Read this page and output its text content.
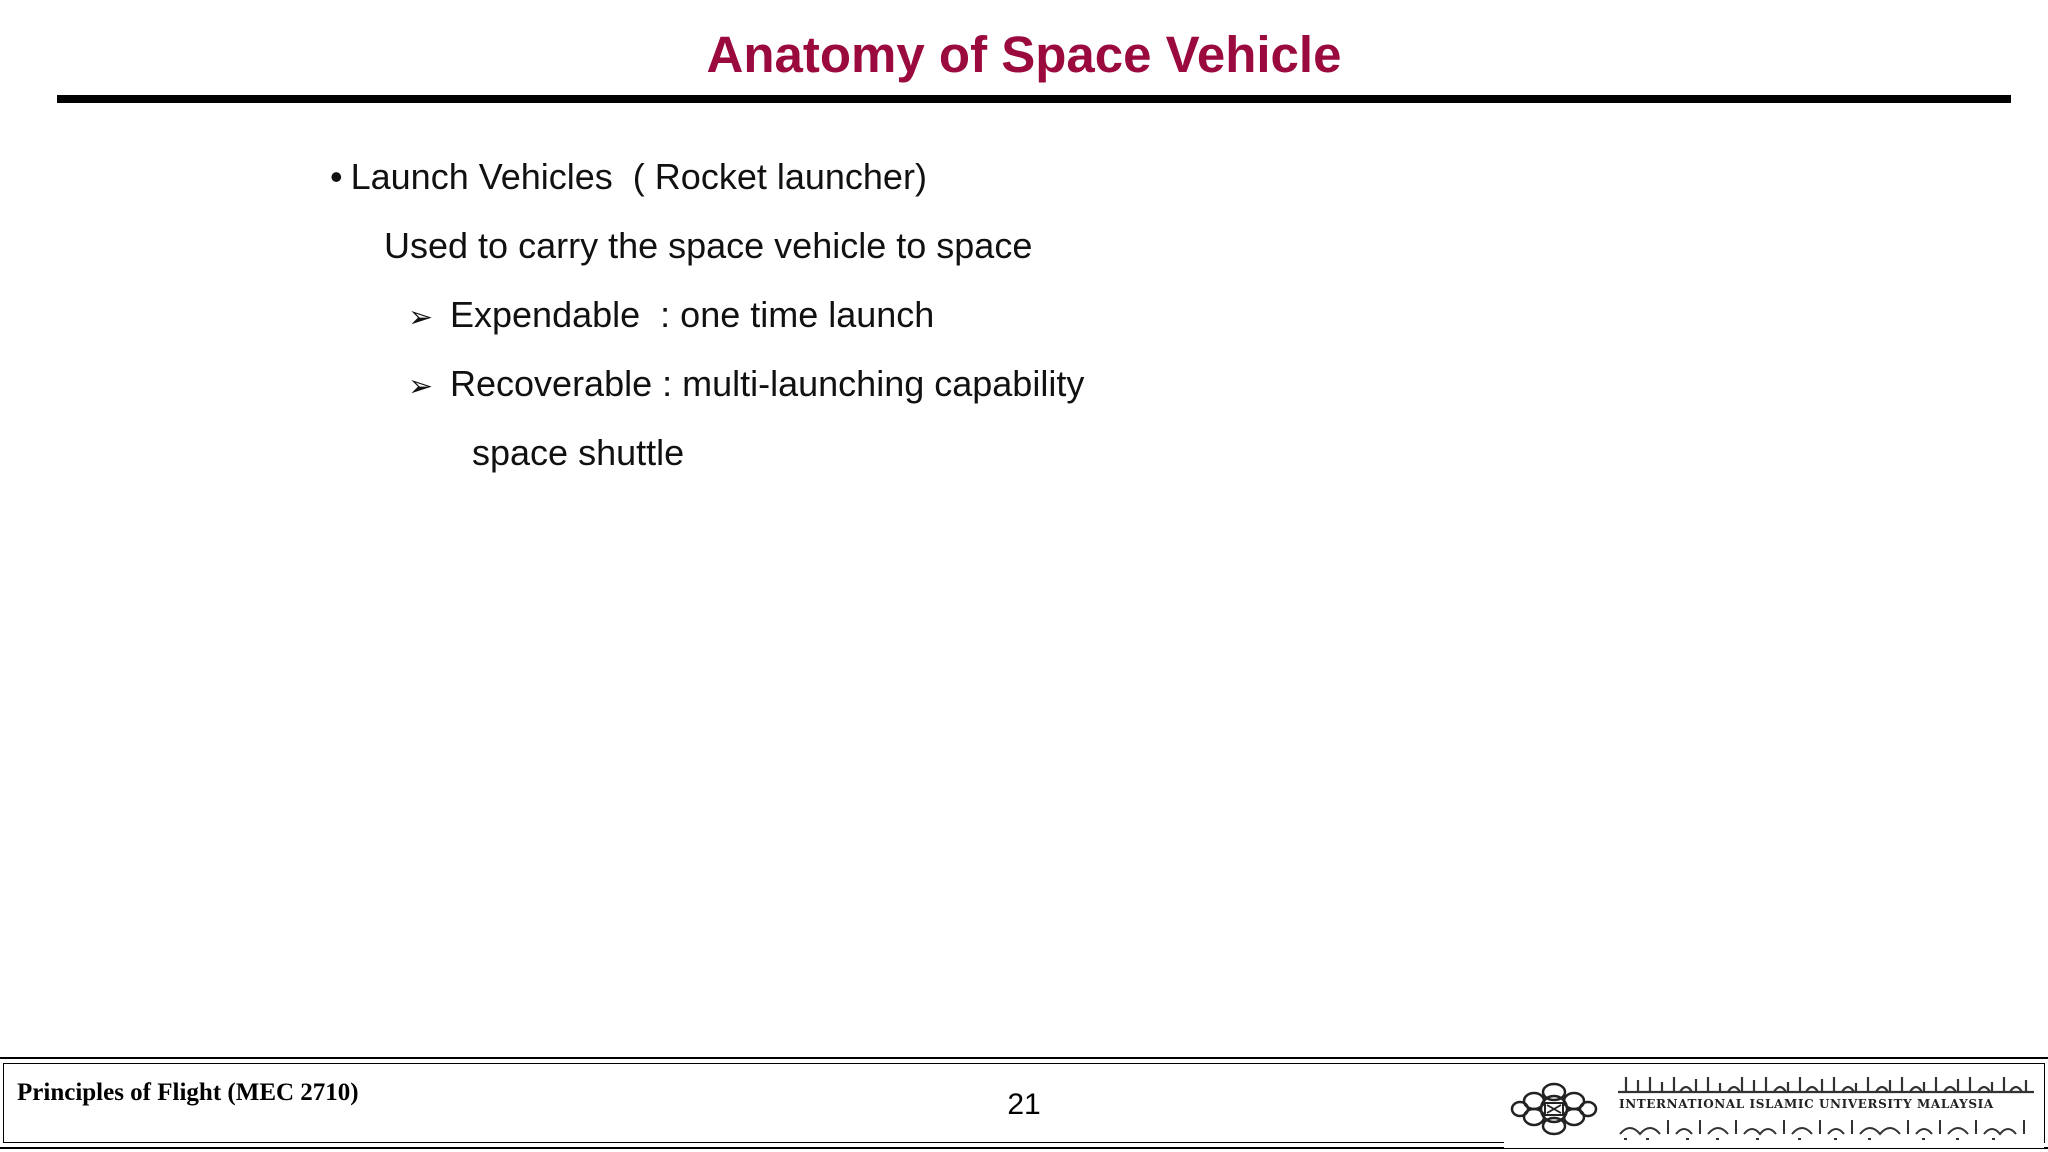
Anatomy of Space Vehicle
• Launch Vehicles  ( Rocket launcher)
Used to carry the space vehicle to space
➢ Expendable  : one time launch
➢ Recoverable : multi-launching capability
space shuttle
Principles of Flight (MEC 2710)	21	INTERNATIONAL ISLAMIC UNIVERSITY MALAYSIA
